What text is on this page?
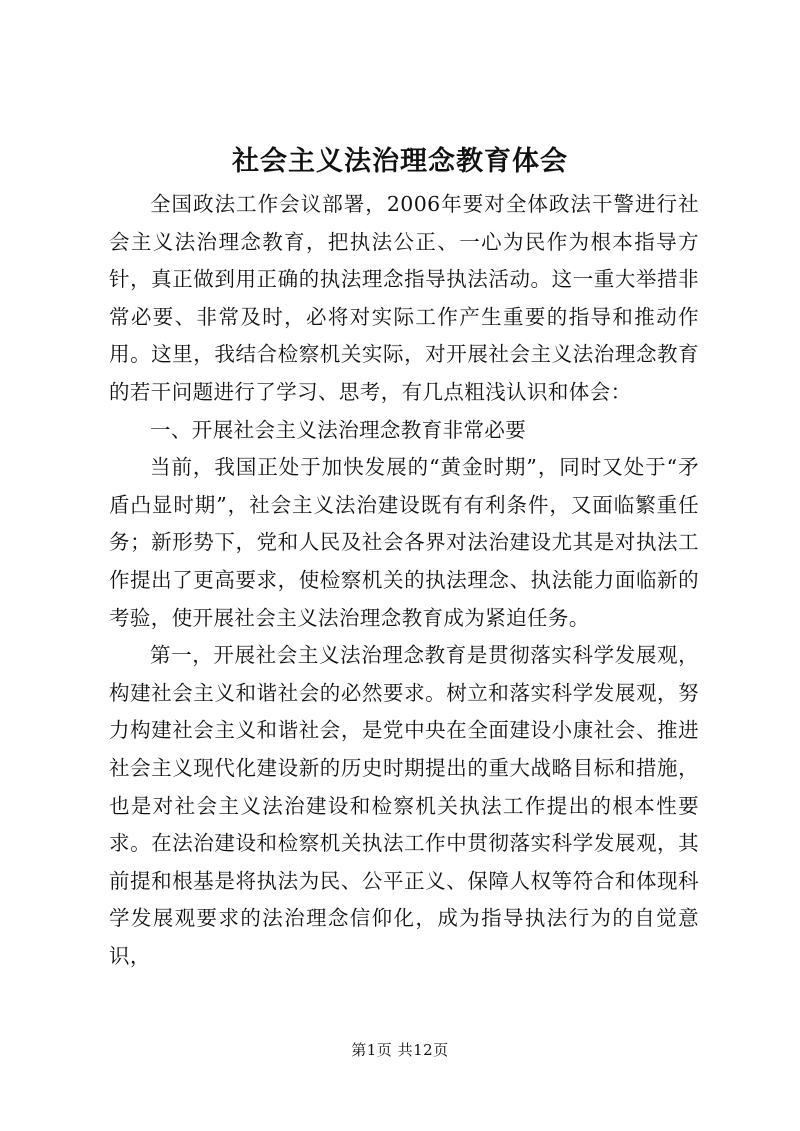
社会主义法治理念教育体会

全国政法工作会议部署，2006年要对全体政法干警进行社会主义法治理念教育，把执法公正、一心为民作为根本指导方针，真正做到用正确的执法理念指导执法活动。这一重大举措非常必要、非常及时，必将对实际工作产生重要的指导和推动作用。这里，我结合检察机关实际，对开展社会主义法治理念教育的若干问题进行了学习、思考，有几点粗浅认识和体会：

一、开展社会主义法治理念教育非常必要

当前，我国正处于加快发展的“黄金时期”，同时又处于“矛盾凸显时期”，社会主义法治建设既有有利条件，又面临繁重任务；新形势下，党和人民及社会各界对法治建设尤其是对执法工作提出了更高要求，使检察机关的执法理念、执法能力面临新的考验，使开展社会主义法治理念教育成为紧迫任务。

第一，开展社会主义法治理念教育是贯彻落实科学发展观，构建社会主义和谐社会的必然要求。树立和落实科学发展观，努力构建社会主义和谐社会，是党中央在全面建设小康社会、推进社会主义现代化建设新的历史时期提出的重大战略目标和措施，也是对社会主义法治建设和检察机关执法工作提出的根本性要求。在法治建设和检察机关执法工作中贯彻落实科学发展观，其前提和根基是将执法为民、公平正义、保障人权等符合和体现科学发展观要求的法治理念信仰化，成为指导执法行为的自觉意识，

第1页 共12页
